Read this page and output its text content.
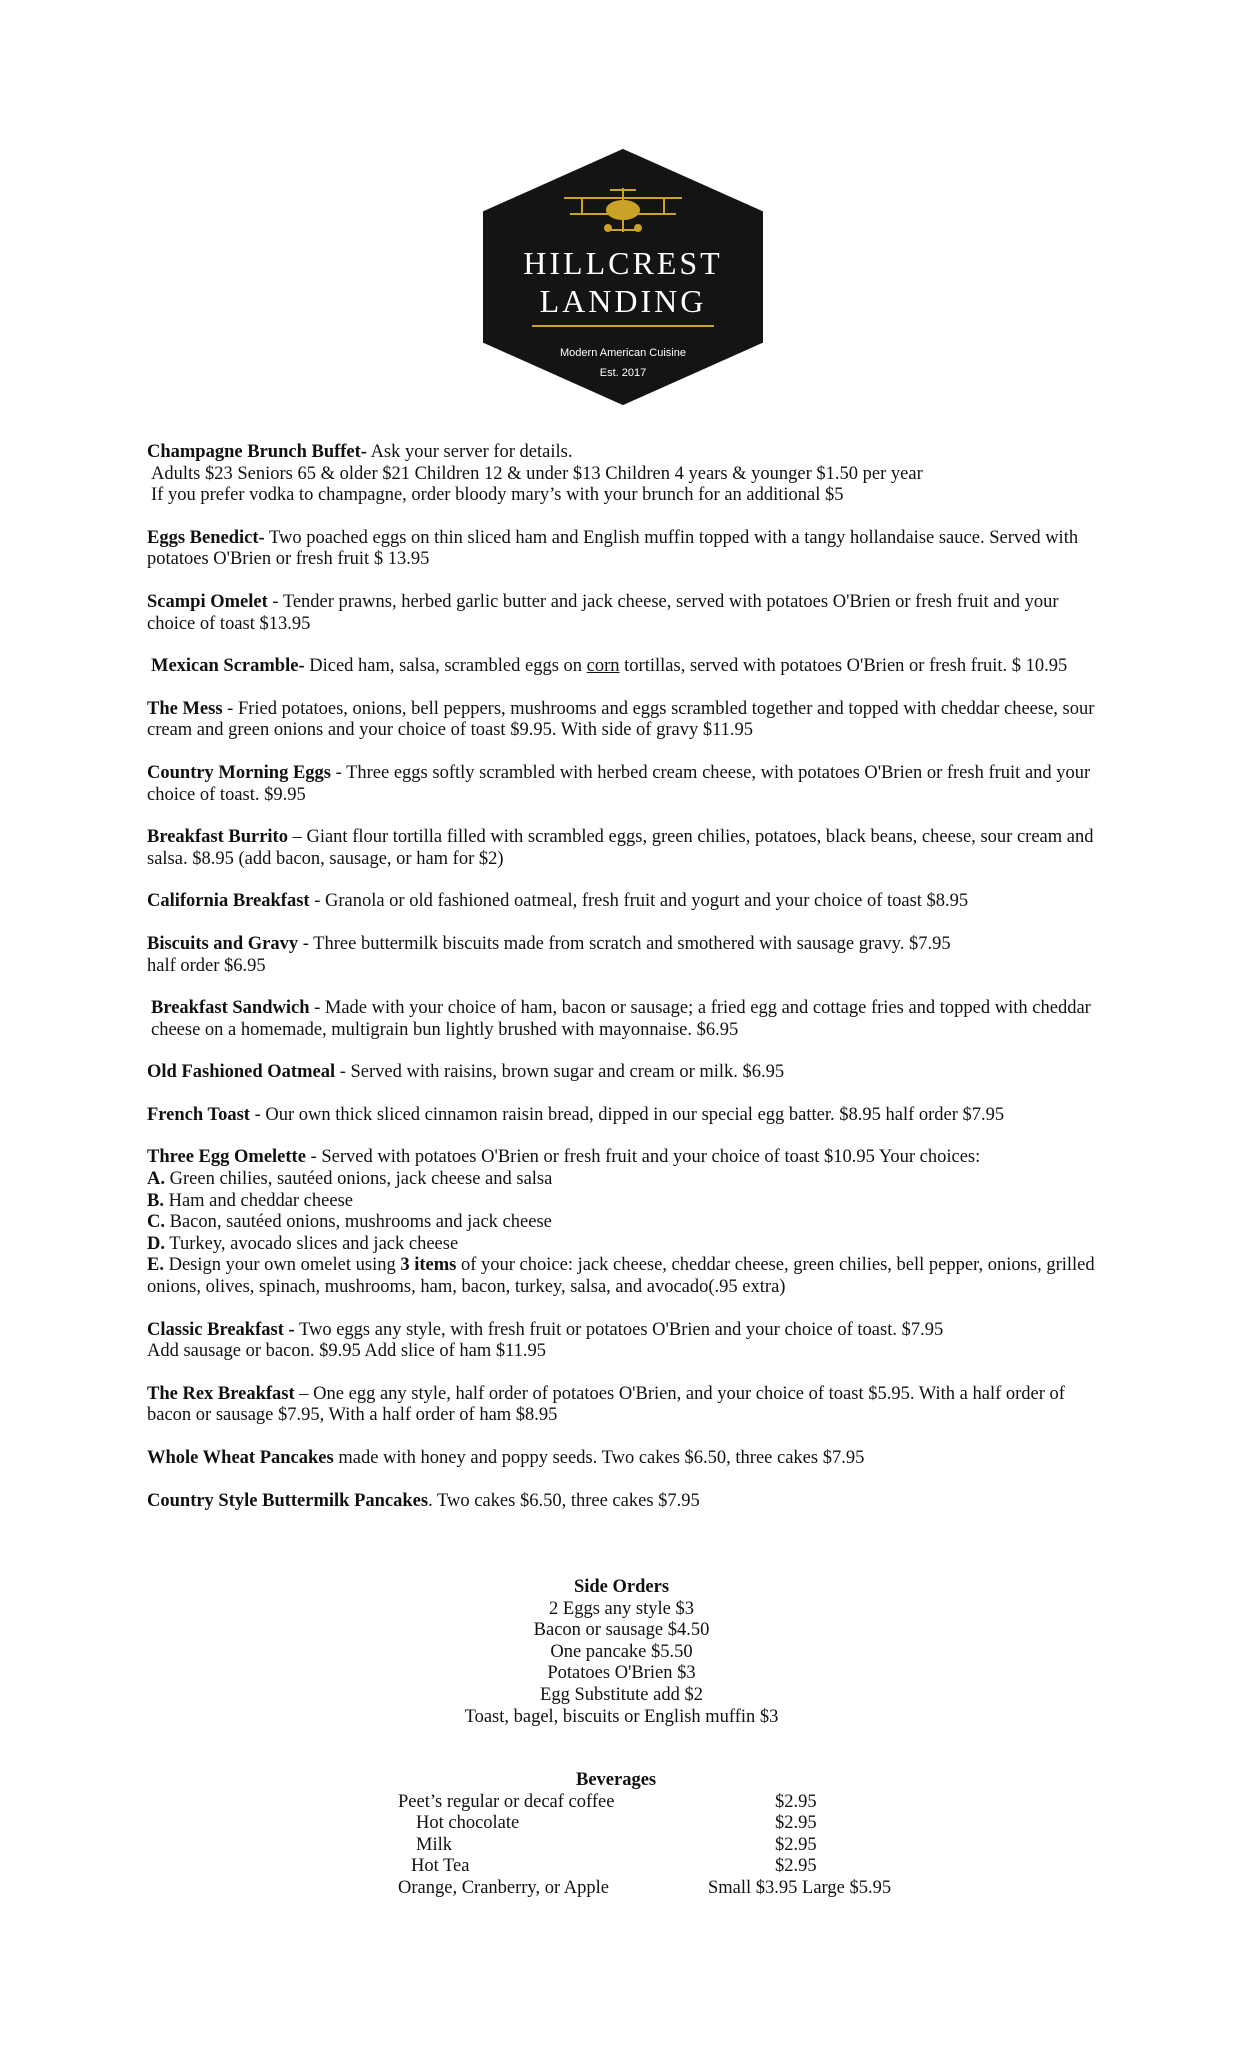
HILLCREST
LANDING
Modern American Cuisine
Est. 2017
Champagne Brunch Buffet- Ask your server for details.
Adults $23 Seniors 65 & older $21 Children 12 & under $13 Children 4 years & younger $1.50 per year
If you prefer vodka to champagne, order bloody mary’s with your brunch for an additional $5
Eggs Benedict- Two poached eggs on thin sliced ham and English muffin topped with a tangy hollandaise sauce. Served with potatoes O'Brien or fresh fruit $ 13.95
Scampi Omelet - Tender prawns, herbed garlic butter and jack cheese, served with potatoes O'Brien or fresh fruit and your choice of toast $13.95
Mexican Scramble- Diced ham, salsa, scrambled eggs on corn tortillas, served with potatoes O'Brien or fresh fruit. $ 10.95
The Mess - Fried potatoes, onions, bell peppers, mushrooms and eggs scrambled together and topped with cheddar cheese, sour cream and green onions and your choice of toast $9.95. With side of gravy $11.95
Country Morning Eggs - Three eggs softly scrambled with herbed cream cheese, with potatoes O'Brien or fresh fruit and your choice of toast. $9.95
Breakfast Burrito – Giant flour tortilla filled with scrambled eggs, green chilies, potatoes, black beans, cheese, sour cream and salsa. $8.95 (add bacon, sausage, or ham for $2)
California Breakfast - Granola or old fashioned oatmeal, fresh fruit and yogurt and your choice of toast $8.95
Biscuits and Gravy - Three buttermilk biscuits made from scratch and smothered with sausage gravy. $7.95
half order $6.95
Breakfast Sandwich - Made with your choice of ham, bacon or sausage; a fried egg and cottage fries and topped with cheddar cheese on a homemade, multigrain bun lightly brushed with mayonnaise. $6.95
Old Fashioned Oatmeal - Served with raisins, brown sugar and cream or milk. $6.95
French Toast - Our own thick sliced cinnamon raisin bread, dipped in our special egg batter. $8.95 half order $7.95
Three Egg Omelette - Served with potatoes O'Brien or fresh fruit and your choice of toast $10.95 Your choices:
A. Green chilies, sautéed onions, jack cheese and salsa
B. Ham and cheddar cheese
C. Bacon, sautéed onions, mushrooms and jack cheese
D. Turkey, avocado slices and jack cheese
E. Design your own omelet using 3 items of your choice: jack cheese, cheddar cheese, green chilies, bell pepper, onions, grilled onions, olives, spinach, mushrooms, ham, bacon, turkey, salsa, and avocado(.95 extra)
Classic Breakfast - Two eggs any style, with fresh fruit or potatoes O'Brien and your choice of toast. $7.95
Add sausage or bacon. $9.95 Add slice of ham $11.95
The Rex Breakfast – One egg any style, half order of potatoes O'Brien, and your choice of toast $5.95. With a half order of bacon or sausage $7.95, With a half order of ham $8.95
Whole Wheat Pancakes made with honey and poppy seeds. Two cakes $6.50, three cakes $7.95
Country Style Buttermilk Pancakes. Two cakes $6.50, three cakes $7.95
Side Orders
2 Eggs any style $3
Bacon or sausage $4.50
One pancake $5.50
Potatoes O'Brien $3
Egg Substitute add $2
Toast, bagel, biscuits or English muffin $3
Beverages
Peet’s regular or decaf coffee	$2.95
Hot chocolate	$2.95
Milk	$2.95
Hot Tea	$2.95
Orange, Cranberry, or Apple	Small $3.95 Large $5.95
